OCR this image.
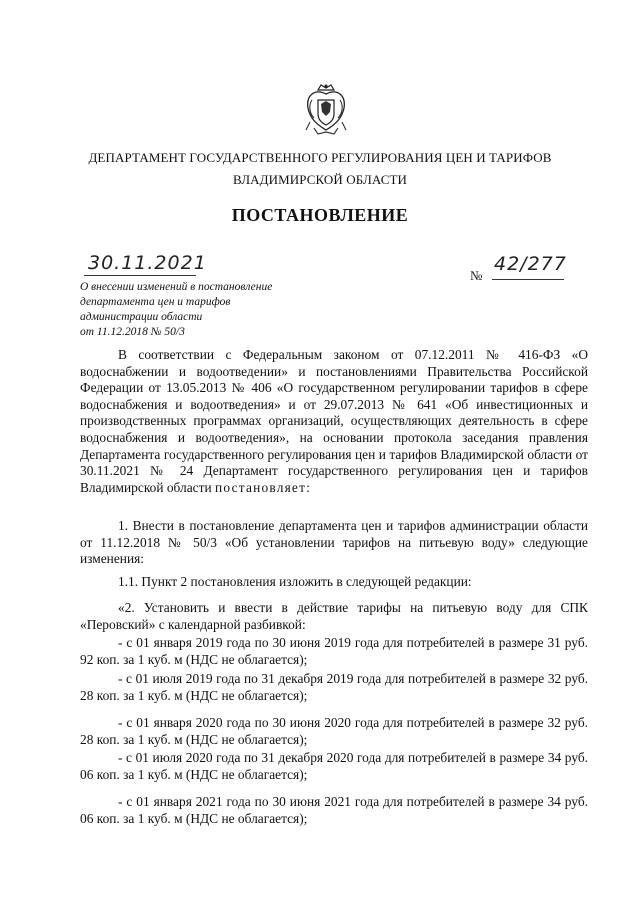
ДЕПАРТАМЕНТ ГОСУДАРСТВЕННОГО РЕГУЛИРОВАНИЯ ЦЕН И ТАРИФОВ
ВЛАДИМИРСКОЙ ОБЛАСТИ
ПОСТАНОВЛЕНИЕ
30.11.2021
№
42/277
О внесении изменений в постановление
департамента цен и тарифов
администрации области
от 11.12.2018 № 50/3

В соответствии с Федеральным законом от 07.12.2011 № 416-ФЗ «О водоснабжении и водоотведении» и постановлениями Правительства Российской Федерации от 13.05.2013 № 406 «О государственном регулировании тарифов в сфере водоснабжения и водоотведения» и от 29.07.2013 № 641 «Об инвестиционных и производственных программах организаций, осуществляющих деятельность в сфере водоснабжения и водоотведения», на основании протокола заседания правления Департамента государственного регулирования цен и тарифов Владимирской области от 30.11.2021 № 24 Департамент государственного регулирования цен и тарифов Владимирской области постановляет:

1. Внести в постановление департамента цен и тарифов администрации области от 11.12.2018 № 50/3 «Об установлении тарифов на питьевую воду» следующие изменения:

1.1. Пункт 2 постановления изложить в следующей редакции:

«2. Установить и ввести в действие тарифы на питьевую воду для СПК «Перовский» с календарной разбивкой:

- с 01 января 2019 года по 30 июня 2019 года для потребителей в размере 31 руб. 92 коп. за 1 куб. м (НДС не облагается);

- с 01 июля 2019 года по 31 декабря 2019 года для потребителей в размере 32 руб. 28 коп. за 1 куб. м (НДС не облагается);

- с 01 января 2020 года по 30 июня 2020 года для потребителей в размере 32 руб. 28 коп. за 1 куб. м (НДС не облагается);

- с 01 июля 2020 года по 31 декабря 2020 года для потребителей в размере 34 руб. 06 коп. за 1 куб. м (НДС не облагается);

- с 01 января 2021 года по 30 июня 2021 года для потребителей в размере 34 руб. 06 коп. за 1 куб. м (НДС не облагается);
